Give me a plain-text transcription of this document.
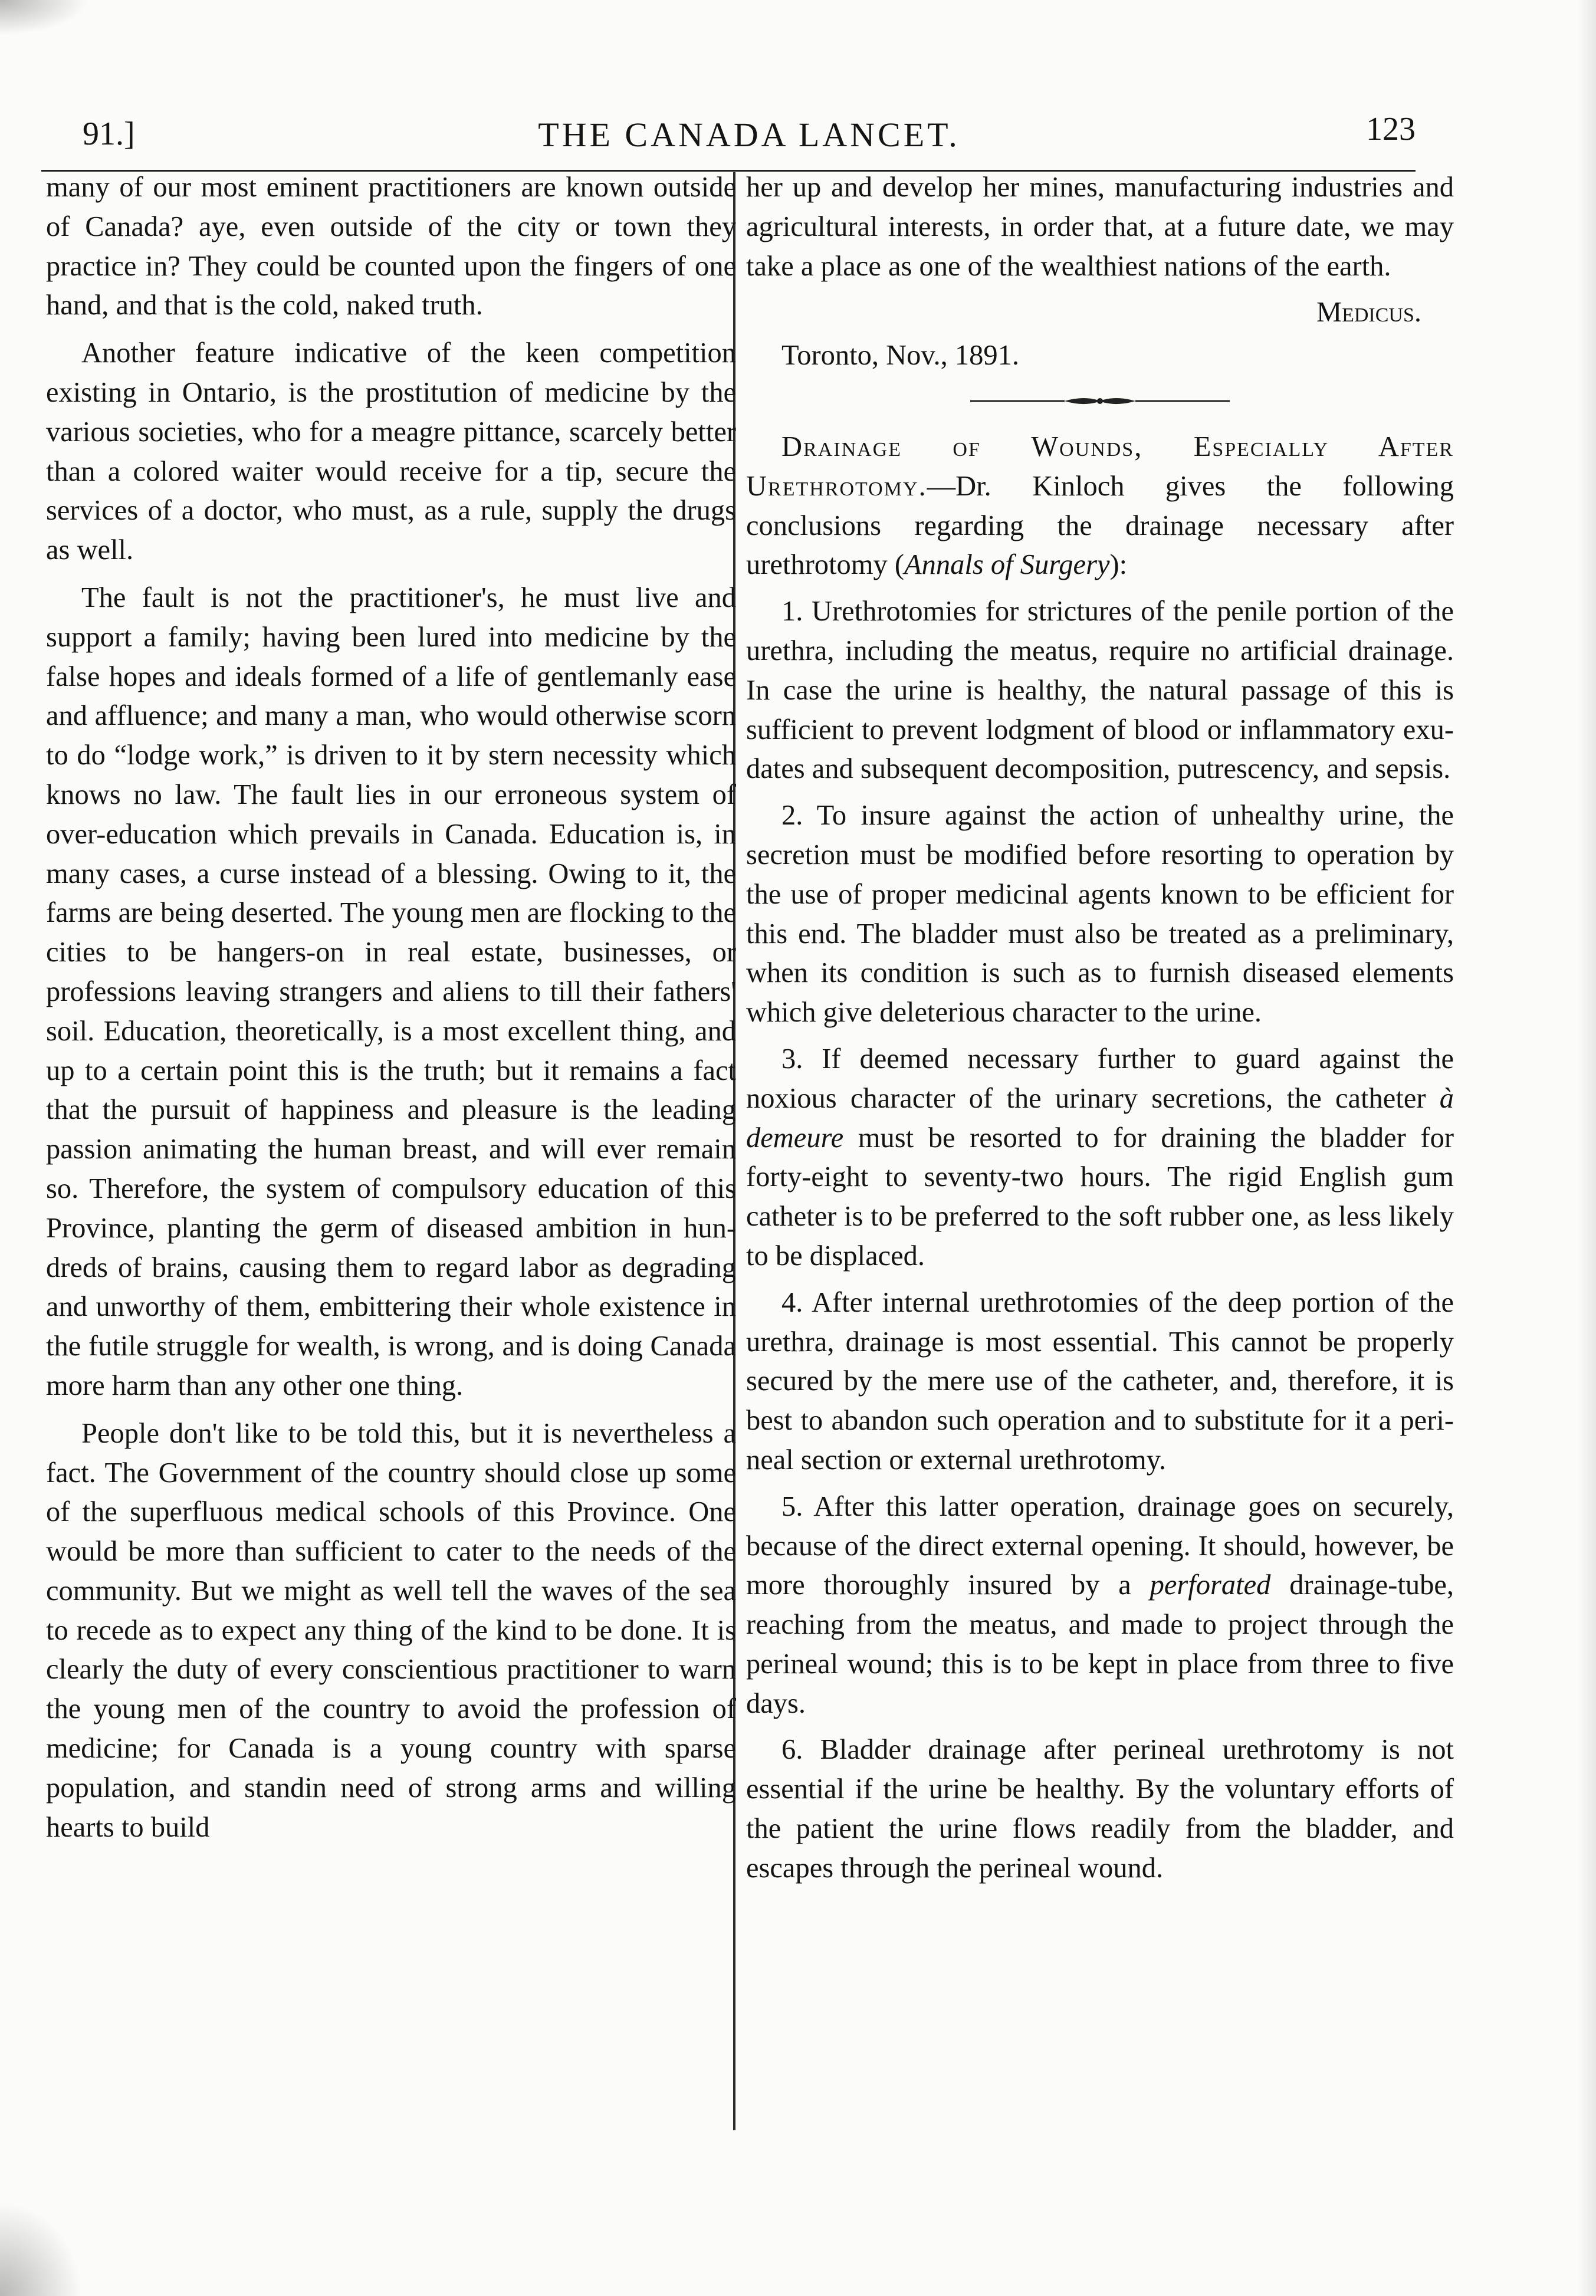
91.]	THE CANADA LANCET.	123

many of our most eminent practitioners are known outside of Canada? aye, even outside of the city or town they practice in? They could be counted upon the fingers of one hand, and that is the cold, naked truth.

Another feature indicative of the keen competition existing in Ontario, is the prostitution of medicine by the various societies, who for a meagre pittance, scarcely better than a colored waiter would receive for a tip, secure the services of a doctor, who must, as a rule, supply the drugs as well.

The fault is not the practitioner's, he must live and support a family; having been lured into medicine by the false hopes and ideals formed of a life of gentlemanly ease and affluence; and many a man, who would otherwise scorn to do “lodge work,” is driven to it by stern necessity which knows no law. The fault lies in our erroneous system of over-education which prevails in Canada. Education is, in many cases, a curse instead of a blessing. Owing to it, the farms are being deserted. The young men are flocking to the cities to be hangers-on in real estate, businesses, or professions leaving strangers and aliens to till their fathers' soil. Education, theoretically, is a most excellent thing, and up to a certain point this is the truth; but it remains a fact that the pursuit of happiness and pleasure is the leading passion animating the human breast, and will ever remain so. Therefore, the system of compulsory education of this Province, planting the germ of diseased ambition in hundreds of brains, causing them to regard labor as degrading and unworthy of them, embittering their whole existence in the futile struggle for wealth, is wrong, and is doing Canada more harm than any other one thing.

People don't like to be told this, but it is nevertheless a fact. The Government of the country should close up some of the superfluous medical schools of this Province. One would be more than sufficient to cater to the needs of the community. But we might as well tell the waves of the sea to recede as to expect any thing of the kind to be done. It is clearly the duty of every conscientious practitioner to warn the young men of the country to avoid the profession of medicine; for Canada is a young country with sparse population, and standin need of strong arms and willing hearts to build

her up and develop her mines, manufacturing industries and agricultural interests, in order that, at a future date, we may take a place as one of the wealthiest nations of the earth.

Medicus.

Toronto, Nov., 1891.

Drainage of Wounds, Especially After Urethrotomy.—Dr. Kinloch gives the following conclusions regarding the drainage necessary after urethrotomy (Annals of Surgery):

1. Urethrotomies for strictures of the penile portion of the urethra, including the meatus, require no artificial drainage. In case the urine is healthy, the natural passage of this is sufficient to prevent lodgment of blood or inflammatory exudates and subsequent decomposition, putrescency, and sepsis.

2. To insure against the action of unhealthy urine, the secretion must be modified before resorting to operation by the use of proper medicinal agents known to be efficient for this end. The bladder must also be treated as a preliminary, when its condition is such as to furnish diseased elements which give deleterious character to the urine.

3. If deemed necessary further to guard against the noxious character of the urinary secretions, the catheter à demeure must be resorted to for draining the bladder for forty-eight to seventy-two hours. The rigid English gum catheter is to be preferred to the soft rubber one, as less likely to be displaced.

4. After internal urethrotomies of the deep portion of the urethra, drainage is most essential. This cannot be properly secured by the mere use of the catheter, and, therefore, it is best to abandon such operation and to substitute for it a perineal section or external urethrotomy.

5. After this latter operation, drainage goes on securely, because of the direct external opening. It should, however, be more thoroughly insured by a perforated drainage-tube, reaching from the meatus, and made to project through the perineal wound; this is to be kept in place from three to five days.

6. Bladder drainage after perineal urethrotomy is not essential if the urine be healthy. By the voluntary efforts of the patient the urine flows readily from the bladder, and escapes through the perineal wound.
